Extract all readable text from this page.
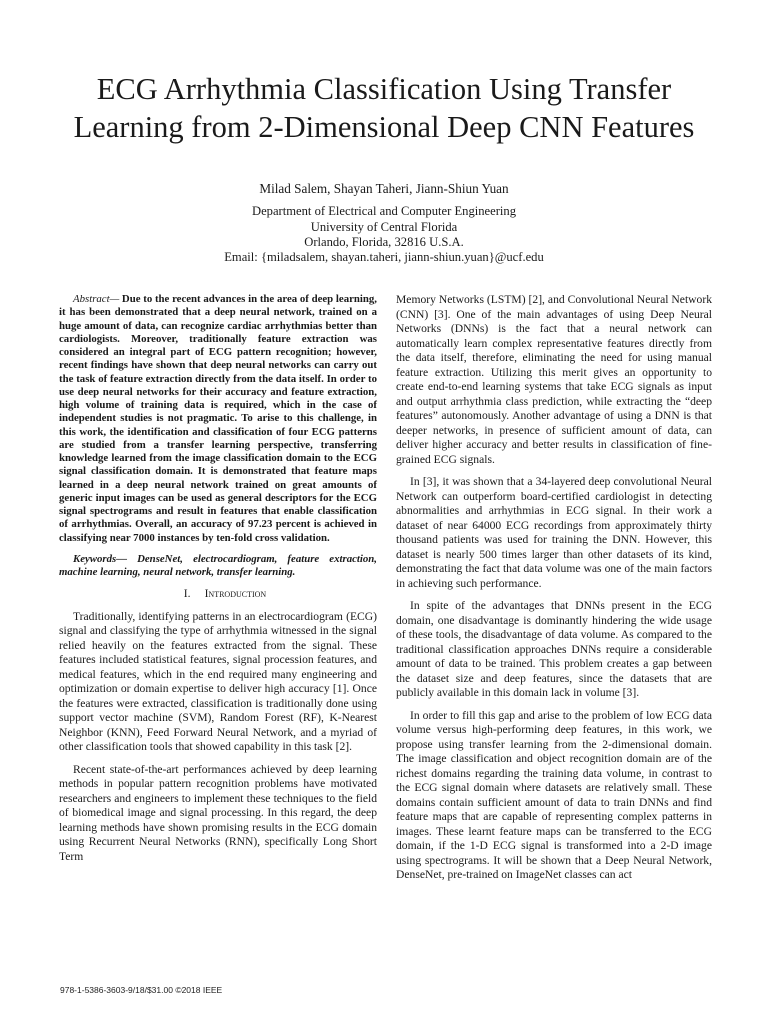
ECG Arrhythmia Classification Using Transfer
Learning from 2-Dimensional Deep CNN Features
Milad Salem, Shayan Taheri, Jiann-Shiun Yuan
Department of Electrical and Computer Engineering
University of Central Florida
Orlando, Florida, 32816 U.S.A.
Email: {miladsalem, shayan.taheri, jiann-shiun.yuan}@ucf.edu

Abstract— Due to the recent advances in the area of deep learning, it has been demonstrated that a deep neural network, trained on a huge amount of data, can recognize cardiac arrhythmias better than cardiologists. Moreover, traditionally feature extraction was considered an integral part of ECG pattern recognition; however, recent findings have shown that deep neural networks can carry out the task of feature extraction directly from the data itself. In order to use deep neural networks for their accuracy and feature extraction, high volume of training data is required, which in the case of independent studies is not pragmatic. To arise to this challenge, in this work, the identification and classification of four ECG patterns are studied from a transfer learning perspective, transferring knowledge learned from the image classification domain to the ECG signal classification domain. It is demonstrated that feature maps learned in a deep neural network trained on great amounts of generic input images can be used as general descriptors for the ECG signal spectrograms and result in features that enable classification of arrhythmias. Overall, an accuracy of 97.23 percent is achieved in classifying near 7000 instances by ten-fold cross validation.

Keywords— DenseNet, electrocardiogram, feature extraction, machine learning, neural network, transfer learning.

I. Introduction

Traditionally, identifying patterns in an electrocardiogram (ECG) signal and classifying the type of arrhythmia witnessed in the signal relied heavily on the features extracted from the signal. These features included statistical features, signal procession features, and medical features, which in the end required many engineering and optimization or domain expertise to deliver high accuracy [1]. Once the features were extracted, classification is traditionally done using support vector machine (SVM), Random Forest (RF), K-Nearest Neighbor (KNN), Feed Forward Neural Network, and a myriad of other classification tools that showed capability in this task [2].

Recent state-of-the-art performances achieved by deep learning methods in popular pattern recognition problems have motivated researchers and engineers to implement these techniques to the field of biomedical image and signal processing. In this regard, the deep learning methods have shown promising results in the ECG domain using Recurrent Neural Networks (RNN), specifically Long Short Term

Memory Networks (LSTM) [2], and Convolutional Neural Network (CNN) [3]. One of the main advantages of using Deep Neural Networks (DNNs) is the fact that a neural network can automatically learn complex representative features directly from the data itself, therefore, eliminating the need for using manual feature extraction. Utilizing this merit gives an opportunity to create end-to-end learning systems that take ECG signals as input and output arrhythmia class prediction, while extracting the “deep features” autonomously. Another advantage of using a DNN is that deeper networks, in presence of sufficient amount of data, can deliver higher accuracy and better results in classification of fine-grained ECG signals.

In [3], it was shown that a 34-layered deep convolutional Neural Network can outperform board-certified cardiologist in detecting abnormalities and arrhythmias in ECG signal. In their work a dataset of near 64000 ECG recordings from approximately thirty thousand patients was used for training the DNN. However, this dataset is nearly 500 times larger than other datasets of its kind, demonstrating the fact that data volume was one of the main factors in achieving such performance.

In spite of the advantages that DNNs present in the ECG domain, one disadvantage is dominantly hindering the wide usage of these tools, the disadvantage of data volume. As compared to the traditional classification approaches DNNs require a considerable amount of data to be trained. This problem creates a gap between the dataset size and deep features, since the datasets that are publicly available in this domain lack in volume [3].

In order to fill this gap and arise to the problem of low ECG data volume versus high-performing deep features, in this work, we propose using transfer learning from the 2-dimensional domain. The image classification and object recognition domain are of the richest domains regarding the training data volume, in contrast to the ECG signal domain where datasets are relatively small. These domains contain sufficient amount of data to train DNNs and find feature maps that are capable of representing complex patterns in images. These learnt feature maps can be transferred to the ECG domain, if the 1-D ECG signal is transformed into a 2-D image using spectrograms. It will be shown that a Deep Neural Network, DenseNet, pre-trained on ImageNet classes can act

978-1-5386-3603-9/18/$31.00 ©2018 IEEE
